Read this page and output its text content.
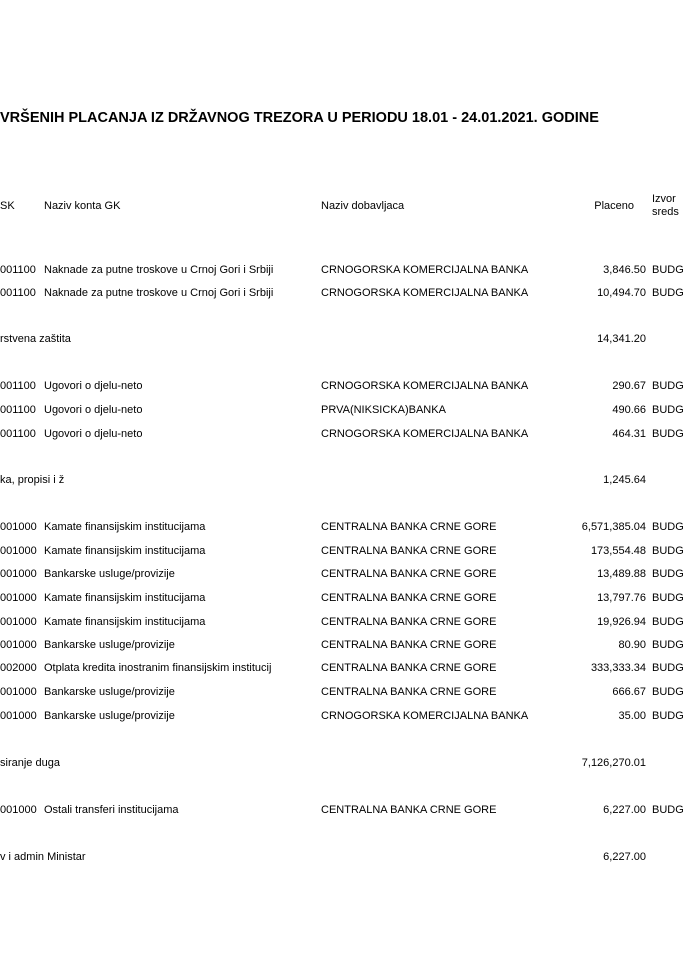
VRŠENIH PLACANJA IZ DRŽAVNOG TREZORA U PERIODU 18.01 - 24.01.2021. GODINE
SK	Naziv konta GK	Naziv dobavljaca	Placeno
Izvor
sreds
001100 Naknade za putne troskove u Crnoj Gori i Srbiji	CRNOGORSKA KOMERCIJALNA BANKA	3,846.50 BUDG
001100 Naknade za putne troskove u Crnoj Gori i Srbiji	CRNOGORSKA KOMERCIJALNA BANKA	10,494.70 BUDG
rstvena zaštita	14,341.20
001100 Ugovori o djelu-neto	CRNOGORSKA KOMERCIJALNA BANKA	290.67 BUDG
001100 Ugovori o djelu-neto	PRVA(NIKSICKA)BANKA	490.66 BUDG
001100 Ugovori o djelu-neto	CRNOGORSKA KOMERCIJALNA BANKA	464.31 BUDG
ka, propisi i ž	1,245.64
001000 Kamate finansijskim institucijama	CENTRALNA BANKA CRNE GORE	6,571,385.04 BUDG
001000 Kamate finansijskim institucijama	CENTRALNA BANKA CRNE GORE	173,554.48 BUDG
001000 Bankarske usluge/provizije	CENTRALNA BANKA CRNE GORE	13,489.88 BUDG
001000 Kamate finansijskim institucijama	CENTRALNA BANKA CRNE GORE	13,797.76 BUDG
001000 Kamate finansijskim institucijama	CENTRALNA BANKA CRNE GORE	19,926.94 BUDG
001000 Bankarske usluge/provizije	CENTRALNA BANKA CRNE GORE	80.90 BUDG
002000 Otplata kredita inostranim finansijskim institucij	CENTRALNA BANKA CRNE GORE	333,333.34 BUDG
001000 Bankarske usluge/provizije	CENTRALNA BANKA CRNE GORE	666.67 BUDG
001000 Bankarske usluge/provizije	CRNOGORSKA KOMERCIJALNA BANKA	35.00 BUDG
siranje duga	7,126,270.01
001000 Ostali transferi institucijama	CENTRALNA BANKA CRNE GORE	6,227.00 BUDG
v i admin Ministar	6,227.00
